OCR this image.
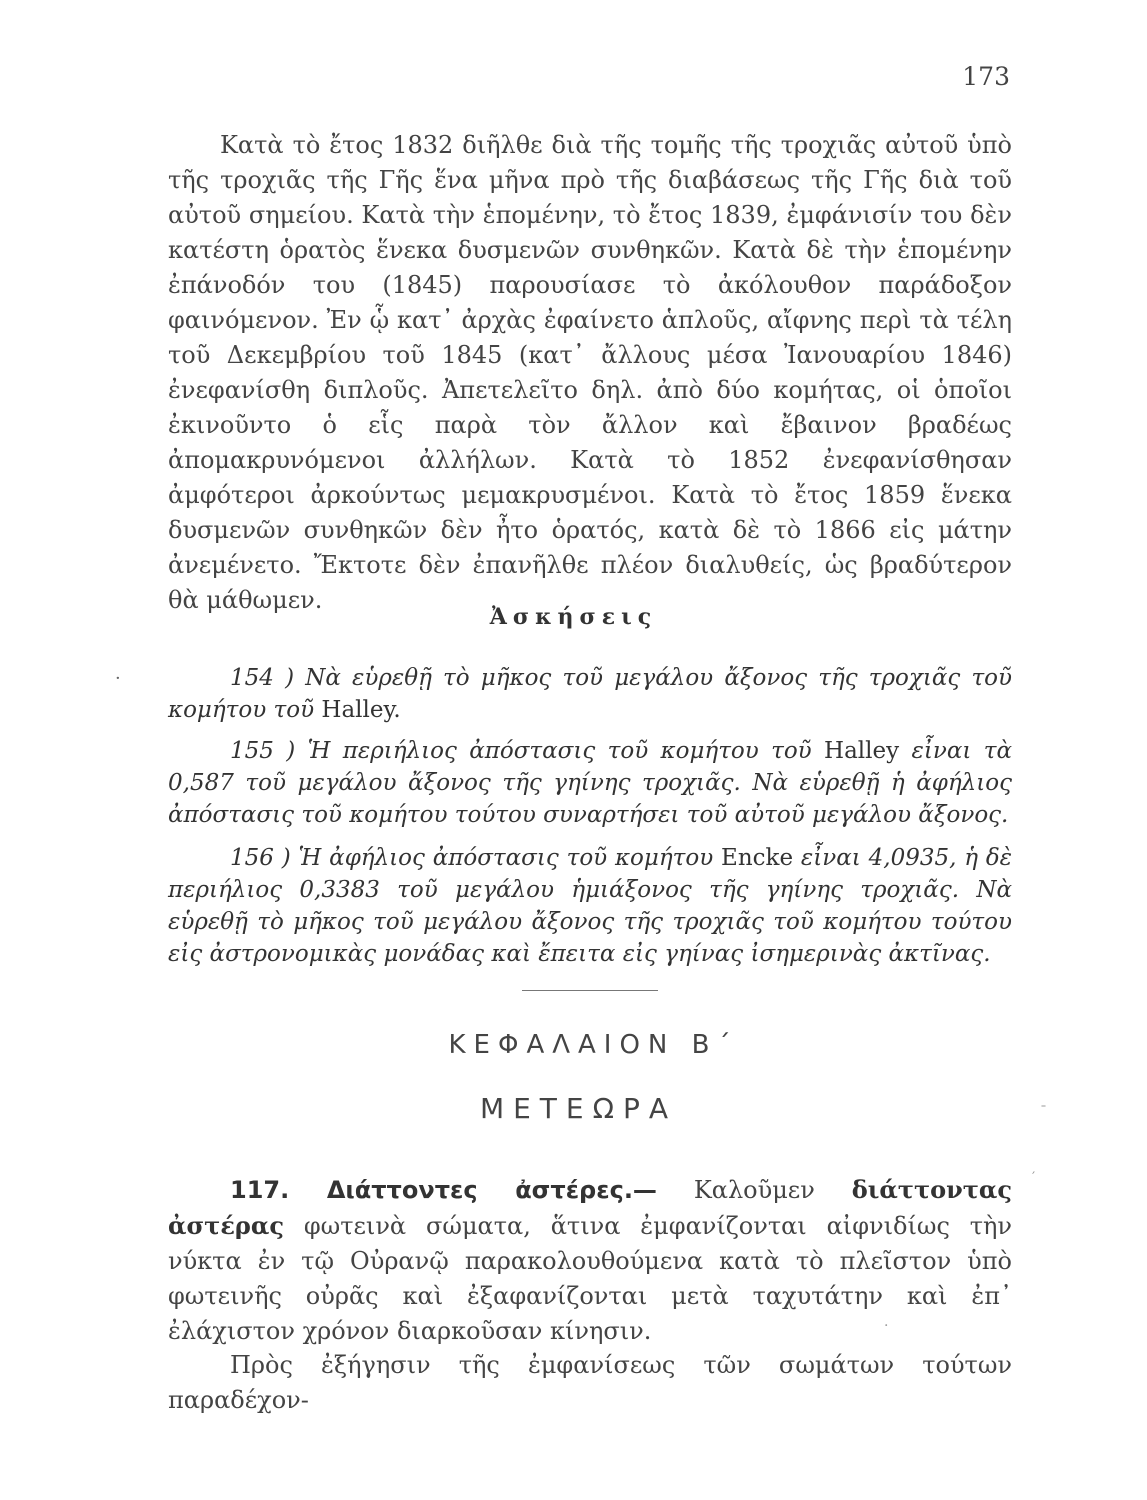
173
Κατὰ τὸ ἔτος 1832 διῆλθε διὰ τῆς τομῆς τῆς τροχιᾶς αὐτοῦ ὑπὸ τῆς τροχιᾶς τῆς Γῆς ἕνα μῆνα πρὸ τῆς διαβάσεως τῆς Γῆς διὰ τοῦ αὐτοῦ σημείου. Κατὰ τὴν ἑπομένην, τὸ ἔτος 1839, ἐμφάνισίν του δὲν κατέστη ὁρατὸς ἕνεκα δυσμενῶν συνθηκῶν. Κατὰ δὲ τὴν ἑπομένην ἐπάνοδόν του (1845) παρουσίασε τὸ ἀκόλουθον παράδοξον φαινόμενον. Ἐν ᾧ κατ᾽ ἀρχὰς ἐφαίνετο ἁπλοῦς, αἴφνης περὶ τὰ τέλη τοῦ Δεκεμβρίου τοῦ 1845 (κατ᾽ ἄλλους μέσα Ἰανουαρίου 1846) ἐνεφανίσθη διπλοῦς. Ἀπετελεῖτο δηλ. ἀπὸ δύο κομήτας, οἱ ὁποῖοι ἐκινοῦντο ὁ εἷς παρὰ τὸν ἄλλον καὶ ἔβαινον βραδέως ἀπομακρυνόμενοι ἀλλήλων. Κατὰ τὸ 1852 ἐνεφανίσθησαν ἀμφότεροι ἀρκούντως μεμακρυσμένοι. Κατὰ τὸ ἔτος 1859 ἕνεκα δυσμενῶν συνθηκῶν δὲν ἦτο ὁρατός, κατὰ δὲ τὸ 1866 εἰς μάτην ἀνεμένετο. Ἔκτοτε δὲν ἐπανῆλθε πλέον διαλυθείς, ὡς βραδύτερον θὰ μάθωμεν.
Ἀσκήσεις
·	154 ) Νὰ εὑρεθῇ τὸ μῆκος τοῦ μεγάλου ἄξονος τῆς τροχιᾶς τοῦ κομήτου τοῦ Halley.
155 ) Ἡ περιήλιος ἀπόστασις τοῦ κομήτου τοῦ Halley εἶναι τὰ 0,587 τοῦ μεγάλου ἄξονος τῆς γηίνης τροχιᾶς. Νὰ εὑρεθῇ ἡ ἀφήλιος ἀπόστασις τοῦ κομήτου τούτου συναρτήσει τοῦ αὐτοῦ μεγάλου ἄξονος.
156 ) Ἡ ἀφήλιος ἀπόστασις τοῦ κομήτου Encke εἶναι 4,0935, ἡ δὲ περιήλιος 0,3383 τοῦ μεγάλου ἡμιάξονος τῆς γηίνης τροχιᾶς. Νὰ εὑρεθῇ τὸ μῆκος τοῦ μεγάλου ἄξονος τῆς τροχιᾶς τοῦ κομήτου τούτου εἰς ἀστρονομικὰς μονάδας καὶ ἔπειτα εἰς γηίνας ἰσημερινὰς ἀκτῖνας.
ΚΕΦΑΛΑΙΟΝ Β΄
ΜΕΤΕΩΡΑ
117. Διάττοντες ἀστέρες.— Καλοῦμεν διάττοντας ἀστέρας φωτεινὰ σώματα, ἅτινα ἐμφανίζονται αἰφνιδίως τὴν νύκτα ἐν τῷ Οὐρανῷ παρακολουθούμενα κατὰ τὸ πλεῖστον ὑπὸ φωτεινῆς οὐρᾶς καὶ ἐξαφανίζονται μετὰ ταχυτάτην καὶ ἐπ᾽ ἐλάχιστον χρόνον διαρκοῦσαν κίνησιν.
Πρὸς ἐξήγησιν τῆς ἐμφανίσεως τῶν σωμάτων τούτων παραδέχον-
′
ˉ
·
